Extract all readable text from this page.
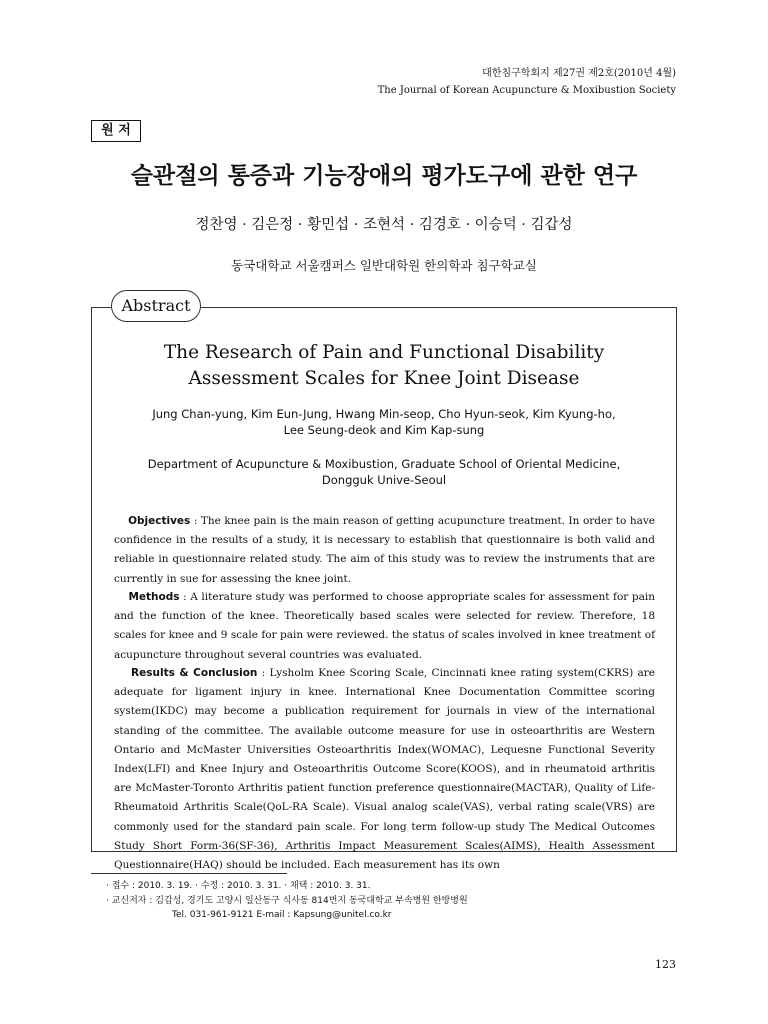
대한침구학회지 제27권 제2호(2010년 4월)
The Journal of Korean Acupuncture & Moxibustion Society
원 저
슬관절의 통증과 기능장애의 평가도구에 관한 연구
정찬영 · 김은정 · 황민섭 · 조현석 · 김경호 · 이승덕 · 김갑성
동국대학교 서울캠퍼스 일반대학원 한의학과 침구학교실
Abstract
The Research of Pain and Functional Disability
Assessment Scales for Knee Joint Disease
Jung Chan-yung, Kim Eun-Jung, Hwang Min-seop, Cho Hyun-seok, Kim Kyung-ho,
Lee Seung-deok and Kim Kap-sung
Department of Acupuncture & Moxibustion, Graduate School of Oriental Medicine,
Dongguk Unive-Seoul
Objectives : The knee pain is the main reason of getting acupuncture treatment. In order to have confidence in the results of a study, it is necessary to establish that questionnaire is both valid and reliable in questionnaire related study. The aim of this study was to review the instruments that are currently in sue for assessing the knee joint.
Methods : A literature study was performed to choose appropriate scales for assessment for pain and the function of the knee. Theoretically based scales were selected for review. Therefore, 18 scales for knee and 9 scale for pain were reviewed. the status of scales involved in knee treatment of acupuncture throughout several countries was evaluated.
Results & Conclusion : Lysholm Knee Scoring Scale, Cincinnati knee rating system(CKRS) are adequate for ligament injury in knee. International Knee Documentation Committee scoring system(IKDC) may become a publication requirement for journals in view of the international standing of the committee. The available outcome measure for use in osteoarthritis are Western Ontario and McMaster Universities Osteoarthritis Index(WOMAC), Lequesne Functional Severity Index(LFI) and Knee Injury and Osteoarthritis Outcome Score(KOOS), and in rheumatoid arthritis are McMaster-Toronto Arthritis patient function preference questionnaire(MACTAR), Quality of Life-Rheumatoid Arthritis Scale(QoL-RA Scale). Visual analog scale(VAS), verbal rating scale(VRS) are commonly used for the standard pain scale. For long term follow-up study The Medical Outcomes Study Short Form-36(SF-36), Arthritis Impact Measurement Scales(AIMS), Health Assessment Questionnaire(HAQ) should be included. Each measurement has its own
· 접수 : 2010. 3. 19. · 수정 : 2010. 3. 31. · 채택 : 2010. 3. 31.
· 교신저자 : 김갑성, 경기도 고양시 일산동구 식사동 814번지 동국대학교 부속병원 한방병원
Tel. 031-961-9121 E-mail : Kapsung@unitel.co.kr
123
